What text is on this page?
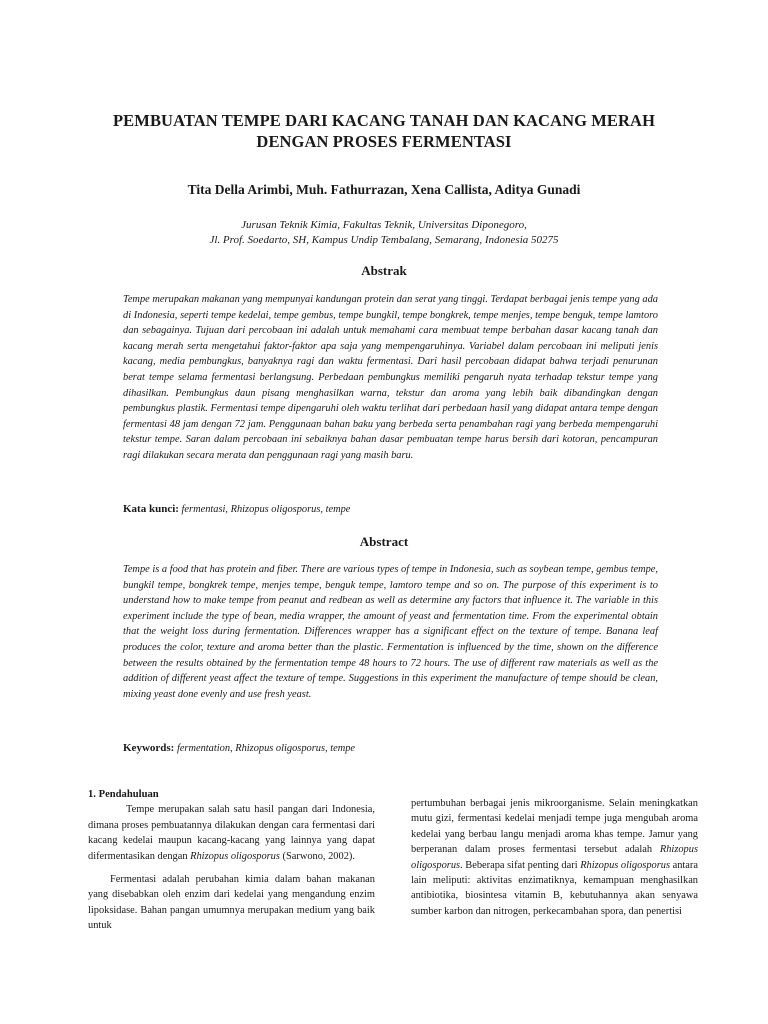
PEMBUATAN TEMPE DARI KACANG TANAH DAN KACANG MERAH DENGAN PROSES FERMENTASI
Tita Della Arimbi, Muh. Fathurrazan, Xena Callista, Aditya Gunadi
Jurusan Teknik Kimia, Fakultas Teknik, Universitas Diponegoro,
Jl. Prof. Soedarto, SH, Kampus Undip Tembalang, Semarang, Indonesia 50275
Abstrak
Tempe merupakan makanan yang mempunyai kandungan protein dan serat yang tinggi. Terdapat berbagai jenis tempe yang ada di Indonesia, seperti tempe kedelai, tempe gembus, tempe bungkil, tempe bongkrek, tempe menjes, tempe benguk, tempe lamtoro dan sebagainya. Tujuan dari percobaan ini adalah untuk memahami cara membuat tempe berbahan dasar kacang tanah dan kacang merah serta mengetahui faktor-faktor apa saja yang mempengaruhinya. Variabel dalam percobaan ini meliputi jenis kacang, media pembungkus, banyaknya ragi dan waktu fermentasi. Dari hasil percobaan didapat bahwa terjadi penurunan berat tempe selama fermentasi berlangsung. Perbedaan pembungkus memiliki pengaruh nyata terhadap tekstur tempe yang dihasilkan. Pembungkus daun pisang menghasilkan warna, tekstur dan aroma yang lebih baik dibandingkan dengan pembungkus plastik. Fermentasi tempe dipengaruhi oleh waktu terlihat dari perbedaan hasil yang didapat antara tempe dengan fermentasi 48 jam dengan 72 jam. Penggunaan bahan baku yang berbeda serta penambahan ragi yang berbeda mempengaruhi tekstur tempe. Saran dalam percobaan ini sebaiknya bahan dasar pembuatan tempe harus bersih dari kotoran, pencampuran ragi dilakukan secara merata dan penggunaan ragi yang masih baru.
Kata kunci: fermentasi, Rhizopus oligosporus, tempe
Abstract
Tempe is a food that has protein and fiber. There are various types of tempe in Indonesia, such as soybean tempe, gembus tempe, bungkil tempe, bongkrek tempe, menjes tempe, benguk tempe, lamtoro tempe and so on. The purpose of this experiment is to understand how to make tempe from peanut and redbean as well as determine any factors that influence it. The variable in this experiment include the type of bean, media wrapper, the amount of yeast and fermentation time. From the experimental obtain that the weight loss during fermentation. Differences wrapper has a significant effect on the texture of tempe. Banana leaf produces the color, texture and aroma better than the plastic. Fermentation is influenced by the time, shown on the difference between the results obtained by the fermentation tempe 48 hours to 72 hours. The use of different raw materials as well as the addition of different yeast affect the texture of tempe. Suggestions in this experiment the manufacture of tempe should be clean, mixing yeast done evenly and use fresh yeast.
Keywords: fermentation, Rhizopus oligosporus, tempe

1. Pendahuluan

Tempe merupakan salah satu hasil pangan dari Indonesia, dimana proses pembuatannya dilakukan dengan cara fermentasi dari kacang kedelai maupun kacang-kacang yang lainnya yang dapat difermentasikan dengan Rhizopus oligosporus (Sarwono, 2002).

Fermentasi adalah perubahan kimia dalam bahan makanan yang disebabkan oleh enzim dari kedelai yang mengandung enzim lipoksidase. Bahan pangan umumnya merupakan medium yang baik untuk

pertumbuhan berbagai jenis mikroorganisme. Selain meningkatkan mutu gizi, fermentasi kedelai menjadi tempe juga mengubah aroma kedelai yang berbau langu menjadi aroma khas tempe. Jamur yang berperanan dalam proses fermentasi tersebut adalah Rhizopus oligosporus. Beberapa sifat penting dari Rhizopus oligosporus antara lain meliputi: aktivitas enzimatiknya, kemampuan menghasilkan antibiotika, biosintesa vitamin B, kebutuhannya akan senyawa sumber karbon dan nitrogen, perkecambahan spora, dan penertisi
